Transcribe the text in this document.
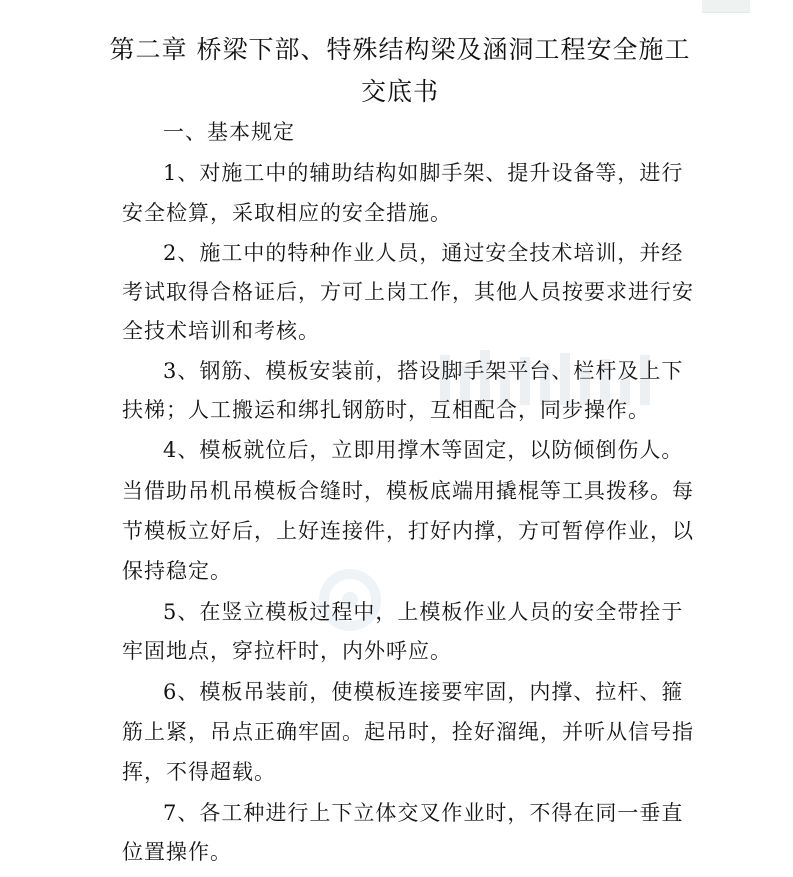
第二章 桥梁下部、特殊结构梁及涵洞工程安全施工
交底书
一、基本规定
1、对施工中的辅助结构如脚手架、提升设备等，进行
安全检算，采取相应的安全措施。
2、施工中的特种作业人员，通过安全技术培训，并经
考试取得合格证后，方可上岗工作，其他人员按要求进行安
全技术培训和考核。
3、钢筋、模板安装前，搭设脚手架平台、栏杆及上下
扶梯；人工搬运和绑扎钢筋时，互相配合，同步操作。
4、模板就位后，立即用撑木等固定，以防倾倒伤人。
当借助吊机吊模板合缝时，模板底端用撬棍等工具拨移。每
节模板立好后，上好连接件，打好内撑，方可暂停作业，以
保持稳定。
5、在竖立模板过程中，上模板作业人员的安全带拴于
牢固地点，穿拉杆时，内外呼应。
6、模板吊装前，使模板连接要牢固，内撑、拉杆、箍
筋上紧，吊点正确牢固。起吊时，拴好溜绳，并听从信号指
挥，不得超载。
7、各工种进行上下立体交叉作业时，不得在同一垂直
位置操作。
